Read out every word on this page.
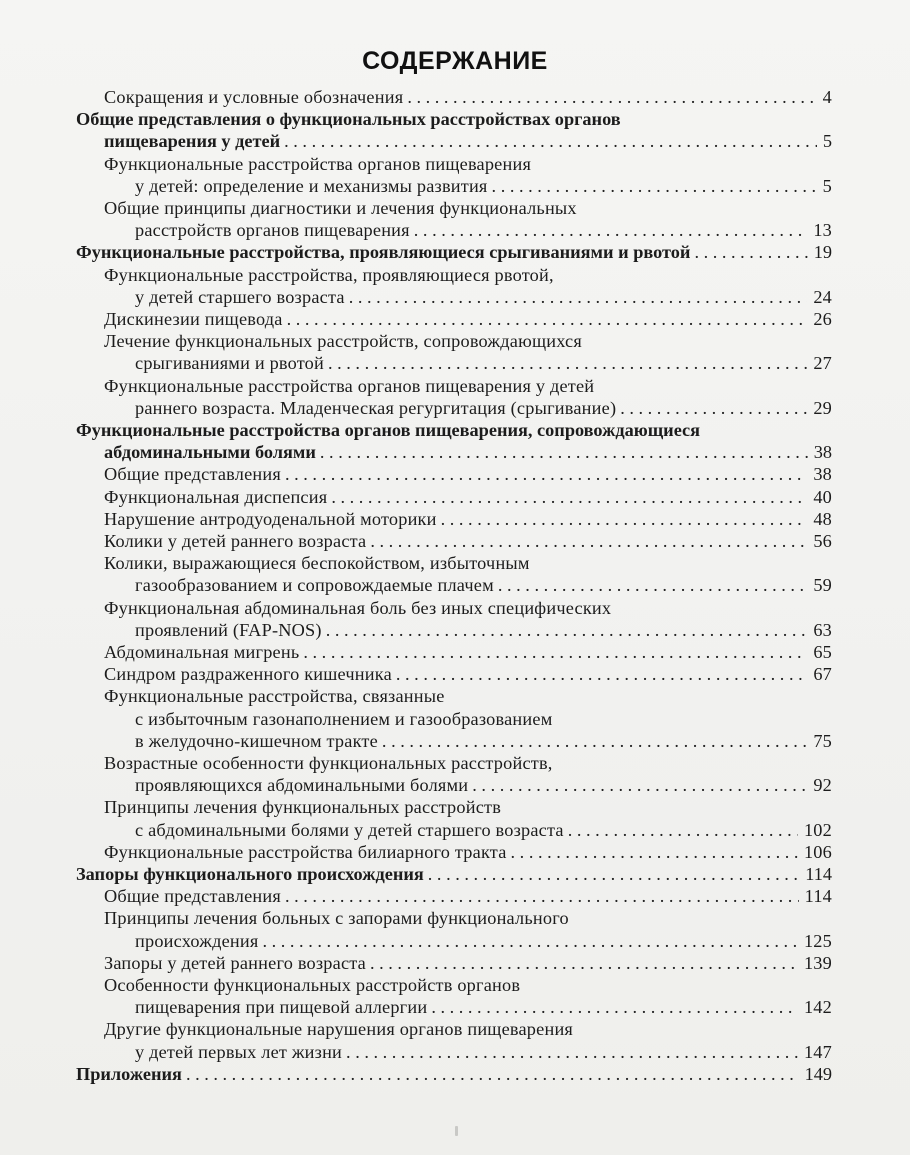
СОДЕРЖАНИЕ
Сокращения и условные обозначения . . .	4
Общие представления о функциональных расстройствах органов
пищеварения у детей . . .	5
Функциональные расстройства органов пищеварения
у детей: определение и механизмы развития . . .	5
Общие принципы диагностики и лечения функциональных
расстройств органов пищеварения . . .	13
Функциональные расстройства, проявляющиеся срыгиваниями и рвотой . . .	19
Функциональные расстройства, проявляющиеся рвотой,
у детей старшего возраста . . .	24
Дискинезии пищевода . . .	26
Лечение функциональных расстройств, сопровождающихся
срыгиваниями и рвотой . . .	27
Функциональные расстройства органов пищеварения у детей
раннего возраста. Младенческая регургитация (срыгивание) . . .	29
Функциональные расстройства органов пищеварения, сопровождающиеся
абдоминальными болями . . .	38
Общие представления . . .	38
Функциональная диспепсия . . .	40
Нарушение антродуоденальной моторики . . .	48
Колики у детей раннего возраста . . .	56
Колики, выражающиеся беспокойством, избыточным
газообразованием и сопровождаемые плачем . . .	59
Функциональная абдоминальная боль без иных специфических
проявлений (FAP-NOS) . . .	63
Абдоминальная мигрень . . .	65
Синдром раздраженного кишечника . . .	67
Функциональные расстройства, связанные
с избыточным газонаполнением и газообразованием
в желудочно-кишечном тракте . . .	75
Возрастные особенности функциональных расстройств,
проявляющихся абдоминальными болями . . .	92
Принципы лечения функциональных расстройств
с абдоминальными болями у детей старшего возраста . . .	102
Функциональные расстройства билиарного тракта . . .	106
Запоры функционального происхождения . . .	114
Общие представления . . .	114
Принципы лечения больных с запорами функционального
происхождения . . .	125
Запоры у детей раннего возраста . . .	139
Особенности функциональных расстройств органов
пищеварения при пищевой аллергии . . .	142
Другие функциональные нарушения органов пищеварения
у детей первых лет жизни . . .	147
Приложения . . .	149
